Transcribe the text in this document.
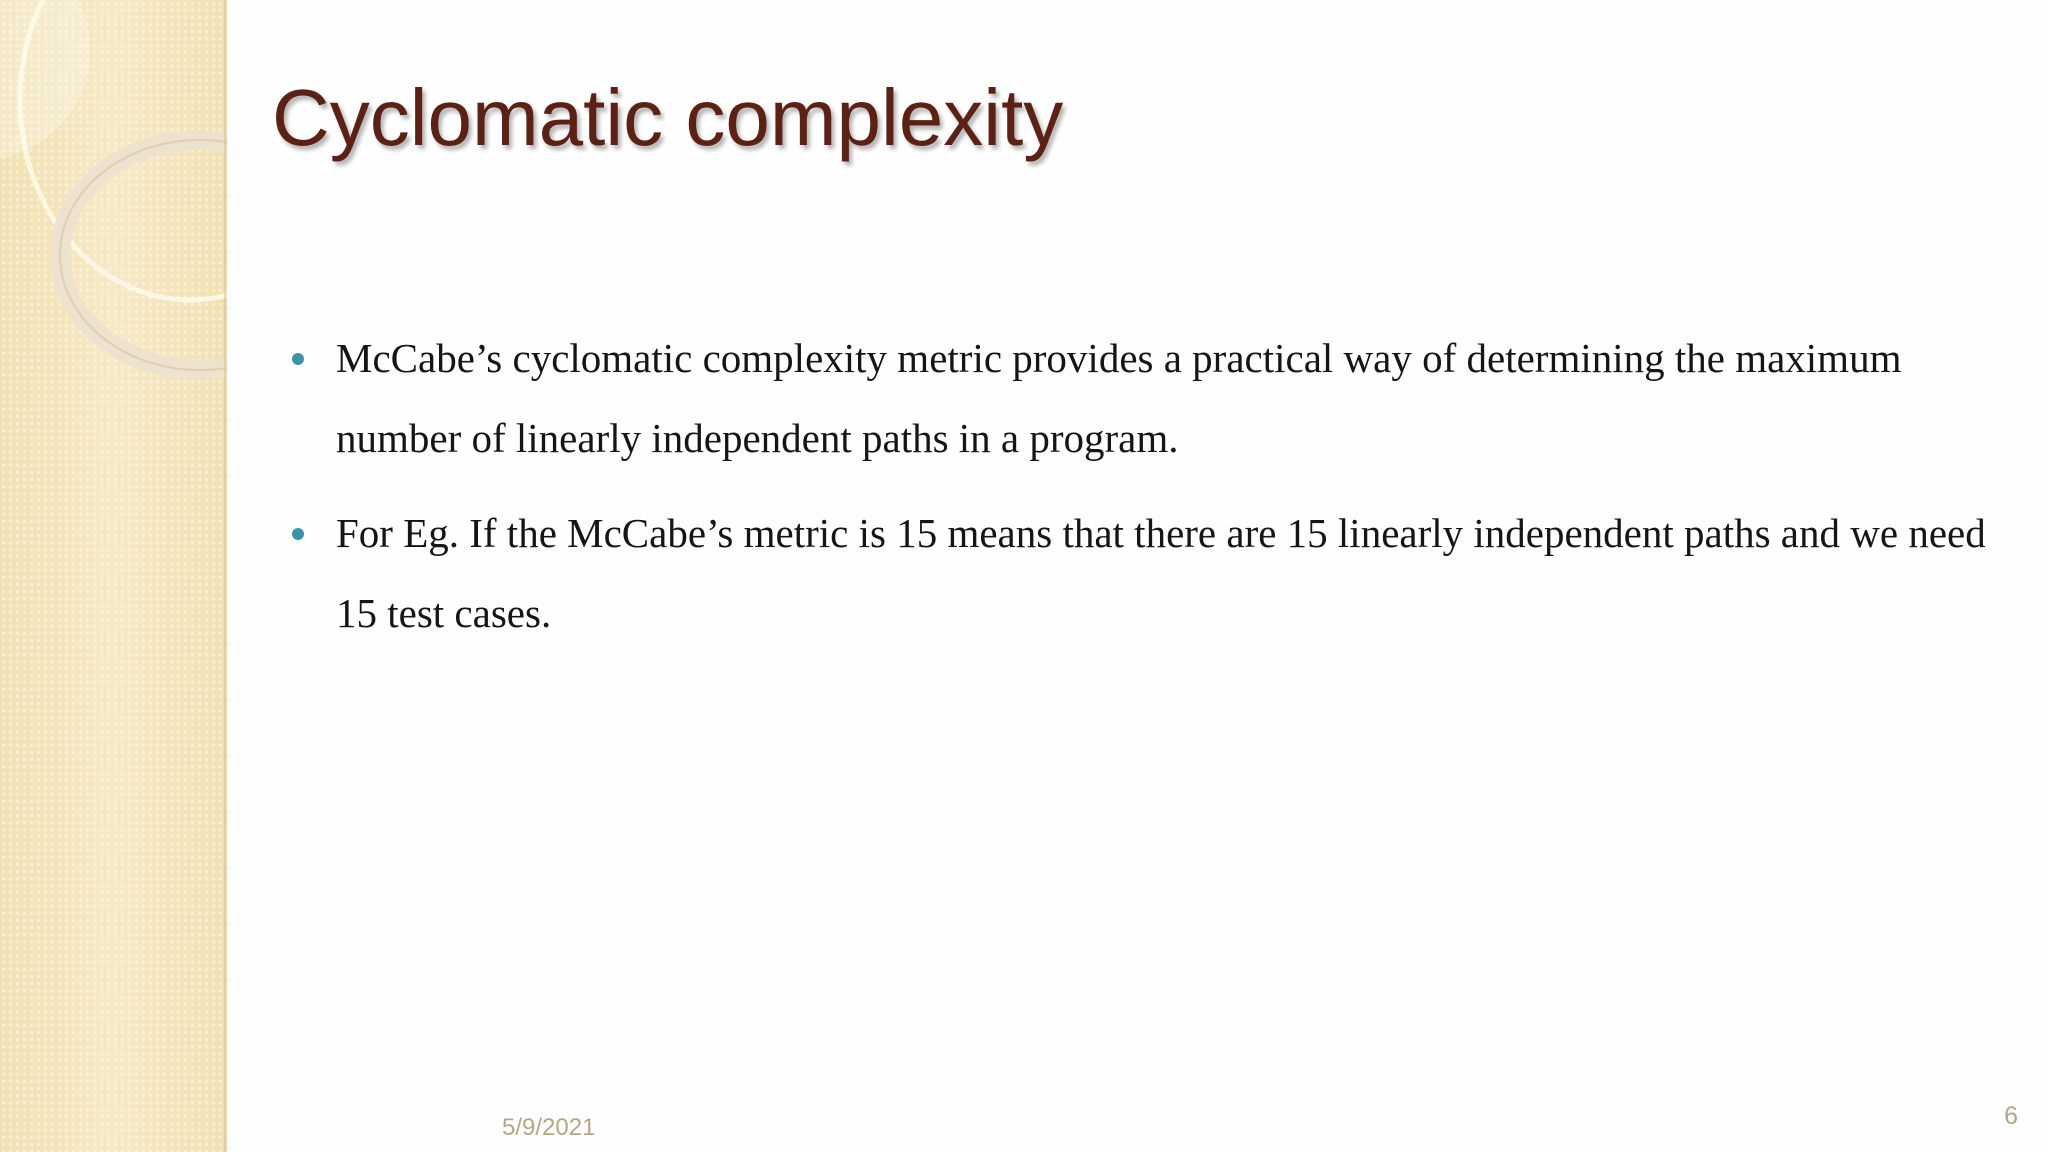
Cyclomatic complexity
McCabe’s cyclomatic complexity metric provides a practical way of determining the maximum number of linearly independent paths in a program.
For Eg. If the McCabe’s metric is 15 means that there are 15 linearly independent paths and we need 15 test cases.
5/9/2021	6
